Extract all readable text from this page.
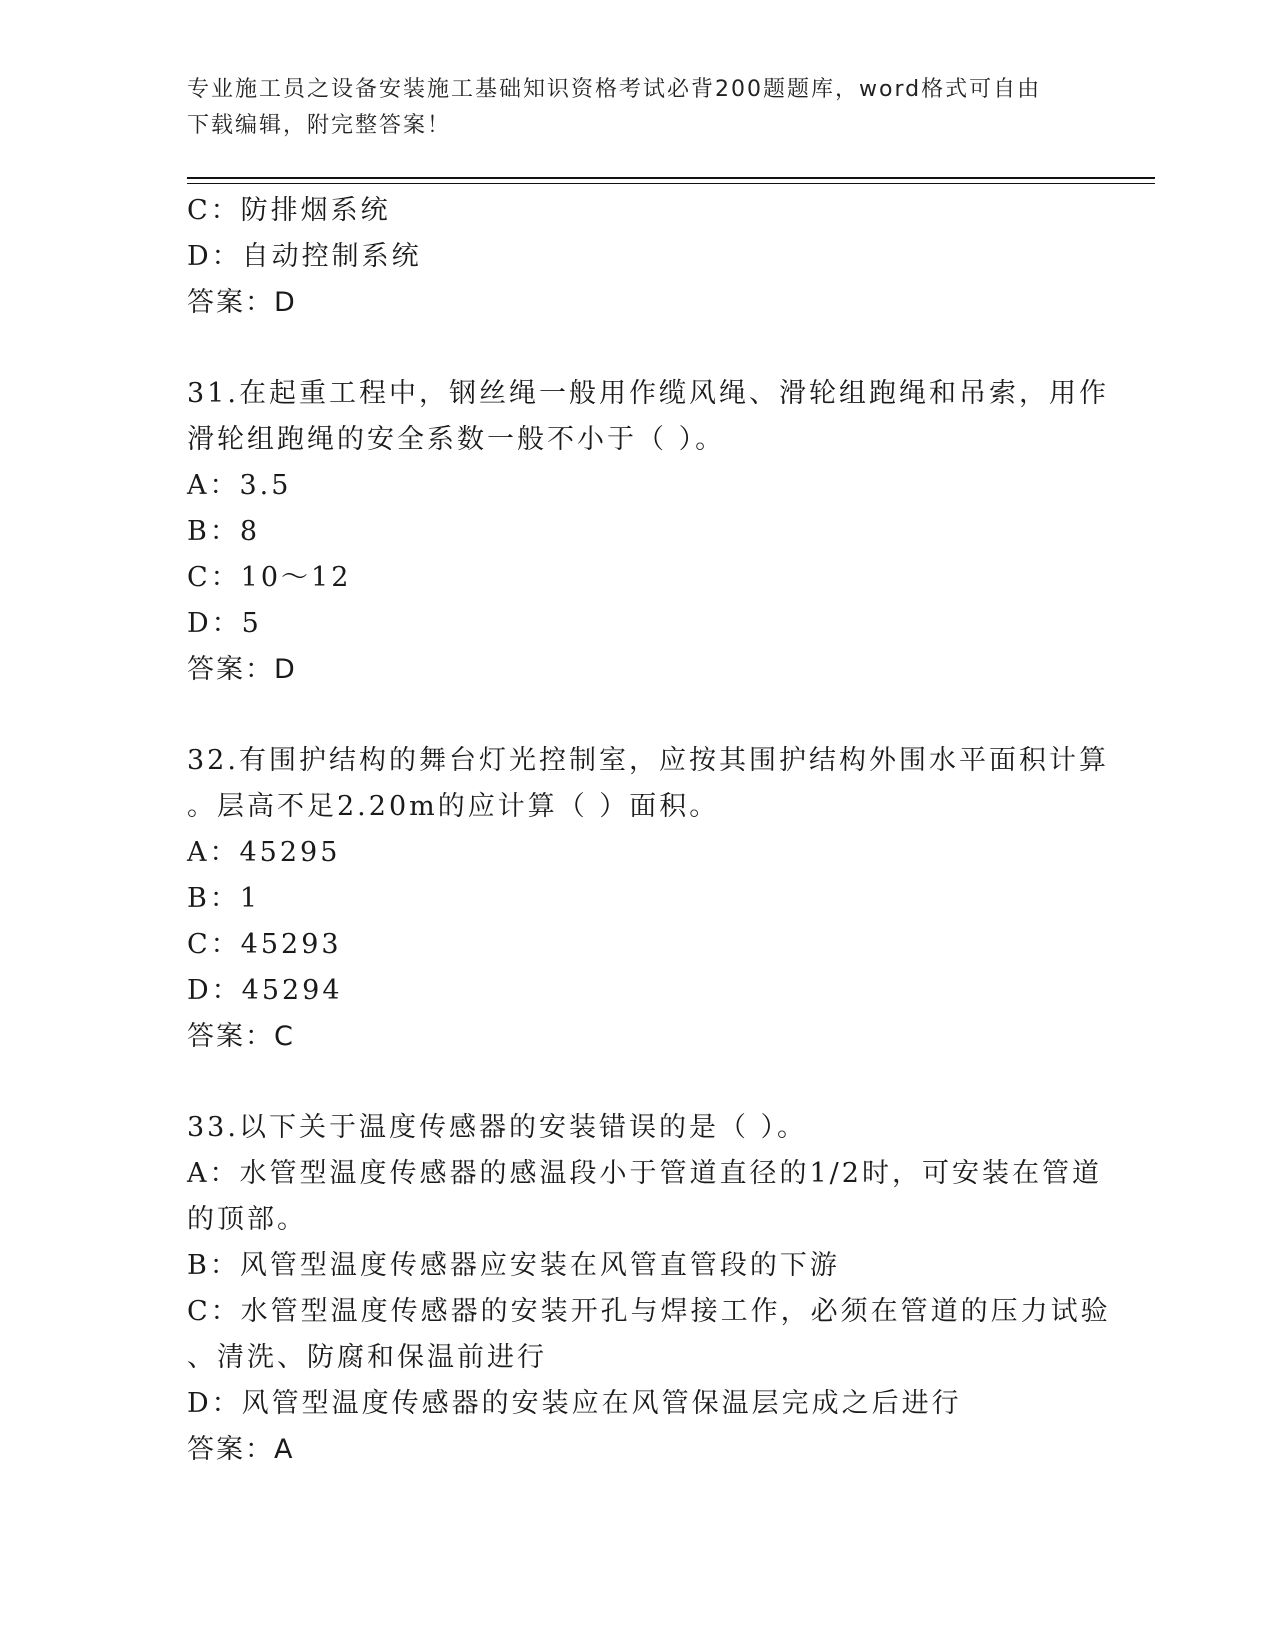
专业施工员之设备安装施工基础知识资格考试必背200题题库，word格式可自由
下载编辑，附完整答案！
C：防排烟系统
D：自动控制系统
答案：D
31.在起重工程中，钢丝绳一般用作缆风绳、滑轮组跑绳和吊索，用作
滑轮组跑绳的安全系数一般不小于（ ）。
A：3.5
B：8
C：10～12
D：5
答案：D
32.有围护结构的舞台灯光控制室，应按其围护结构外围水平面积计算
。层高不足2.20m的应计算（ ）面积。
A：45295
B：1
C：45293
D：45294
答案：C
33.以下关于温度传感器的安装错误的是（ ）。
A：水管型温度传感器的感温段小于管道直径的1/2时，可安装在管道
的顶部。
B：风管型温度传感器应安装在风管直管段的下游
C：水管型温度传感器的安装开孔与焊接工作，必须在管道的压力试验
、清洗、防腐和保温前进行
D：风管型温度传感器的安装应在风管保温层完成之后进行
答案：A
